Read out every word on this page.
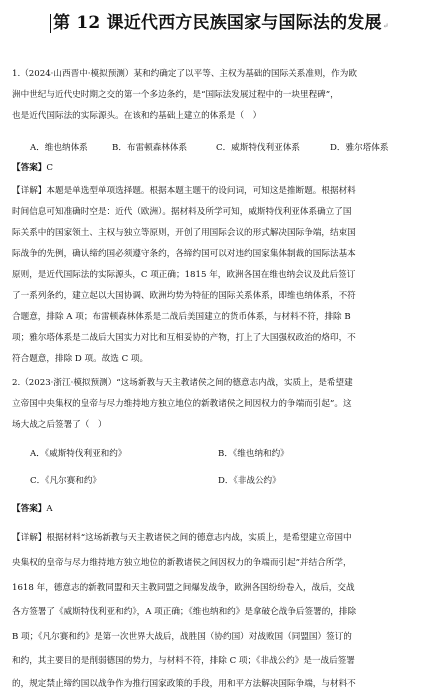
第 12 课近代西方民族国家与国际法的发展↵
1.（2024·山西晋中·模拟预测）某和约确定了以平等、主权为基础的国际关系准则，作为欧
洲中世纪与近代史时期之交的第一个多边条约，是“国际法发展过程中的一块里程碑”，
也是近代国际法的实际源头。在该和约基础上建立的体系是（　）
A．维也纳体系	B．布雷顿森林体系	C．威斯特伐利亚体系	D．雅尔塔体系
【答案】C
【详解】本题是单选型单项选择题。根据本题主题干的设问词，可知这是推断题。根据材料
时间信息可知准确时空是：近代（欧洲）。据材料及所学可知，威斯特伐利亚体系确立了国
际关系中的国家领土、主权与独立等原则，开创了用国际会议的形式解决国际争端，结束国
际战争的先例，确认缔约国必须遵守条约，各缔约国可以对违约国家集体制裁的国际法基本
原则，是近代国际法的实际源头，C 项正确；1815 年，欧洲各国在维也纳会议及此后签订
了一系列条约，建立起以大国协调、欧洲均势为特征的国际关系体系，即维也纳体系，不符
合题意，排除 A 项；布雷顿森林体系是二战后美国建立的货币体系，与材料不符，排除 B
项；雅尔塔体系是二战后大国实力对比和互相妥协的产物，打上了大国强权政治的烙印，不
符合题意，排除 D 项。故选 C 项。
2.（2023·浙江·模拟预测）“这场新教与天主教诸侯之间的德意志内战，实质上，是希望建
立帝国中央集权的皇帝与尽力维持地方独立地位的新教诸侯之间因权力的争端而引起”。这
场大战之后签署了（　）
A．《威斯特伐利亚和约》	B．《维也纳和约》
C．《凡尔赛和约》	D．《非战公约》
【答案】A
【详解】根据材料“这场新教与天主教诸侯之间的德意志内战，实质上，是希望建立帝国中
央集权的皇帝与尽力维持地方独立地位的新教诸侯之间因权力的争端而引起”并结合所学，
1618 年，德意志的新教同盟和天主教同盟之间爆发战争，欧洲各国纷纷卷入，战后，交战
各方签署了《威斯特伐利亚和约》，A 项正确；《维也纳和约》是拿破仑战争后签署的，排除
B 项；《凡尔赛和约》是第一次世界大战后，战胜国（协约国）对战败国（同盟国）签订的
和约，其主要目的是削弱德国的势力，与材料不符，排除 C 项；《非战公约》是一战后签署
的，规定禁止缔约国以战争作为推行国家政策的手段，用和平方法解决国际争端，与材料不
